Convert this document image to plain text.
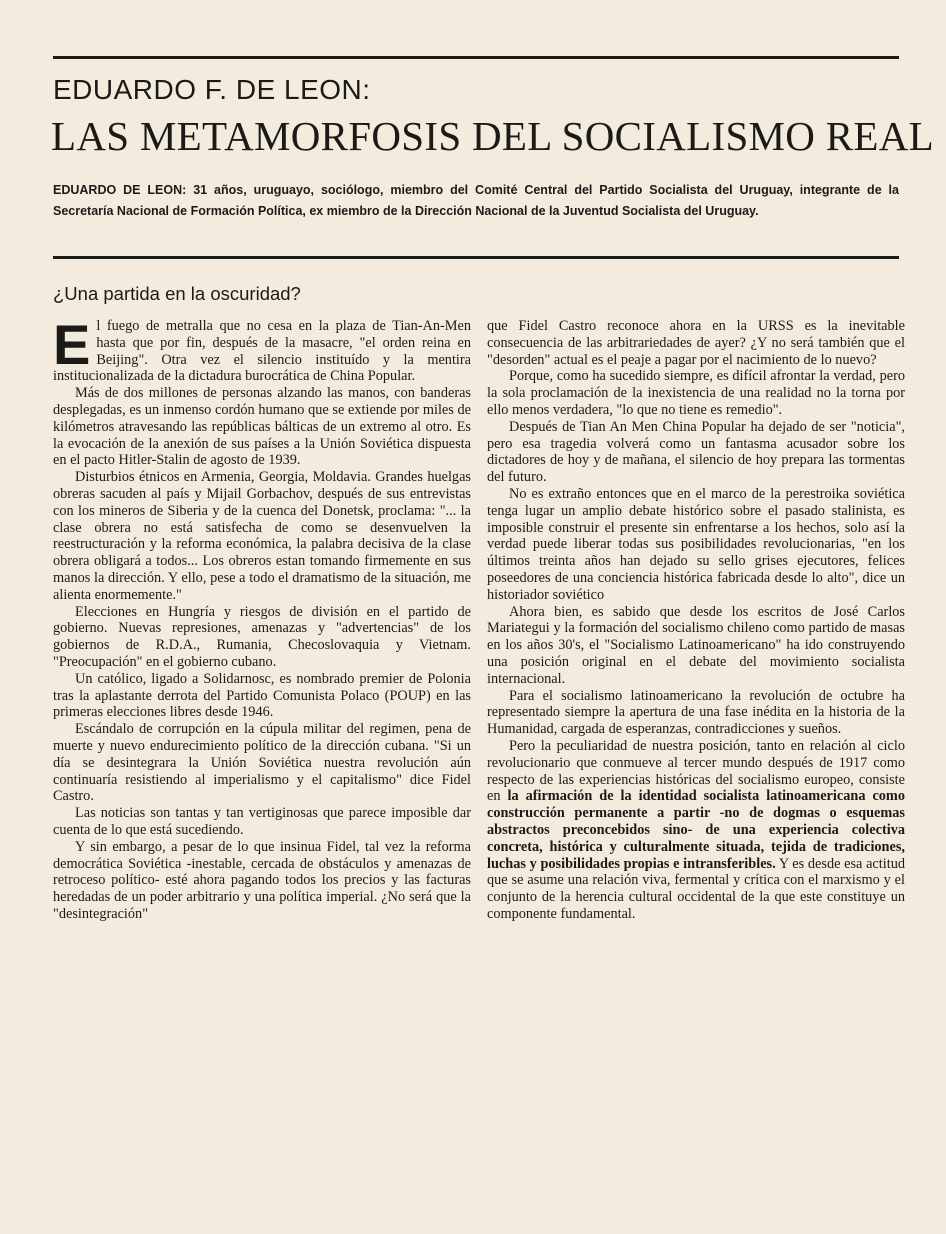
EDUARDO F. DE LEON:
LAS METAMORFOSIS DEL SOCIALISMO REAL

EDUARDO DE LEON: 31 años, uruguayo, sociólogo, miembro del Comité Central del Partido Socialista del Uruguay, integrante de la Secretaría Nacional de Formación Política, ex miembro de la Dirección Nacional de la Juventud Socialista del Uruguay.

¿Una partida en la oscuridad?

El fuego de metralla que no cesa en la plaza de Tian-An-Men hasta que por fin, después de la masacre, "el orden reina en Beijing". Otra vez el silencio instituído y la mentira institucionalizada de la dictadura burocrática de China Popular.

Más de dos millones de personas alzando las manos, con banderas desplegadas, es un inmenso cordón humano que se extiende por miles de kilómetros atravesando las repúblicas bálticas de un extremo al otro. Es la evocación de la anexión de sus países a la Unión Soviética dispuesta en el pacto Hitler-Stalin de agosto de 1939.

Disturbios étnicos en Armenia, Georgia, Moldavia. Grandes huelgas obreras sacuden al país y Mijail Gorbachov, después de sus entrevistas con los mineros de Siberia y de la cuenca del Donetsk, proclama: "... la clase obrera no está satisfecha de como se desenvuelven la reestructuración y la reforma económica, la palabra decisiva de la clase obrera obligará a todos... Los obreros estan tomando firmemente en sus manos la dirección. Y ello, pese a todo el dramatismo de la situación, me alienta enormemente."

Elecciones en Hungría y riesgos de división en el partido de gobierno. Nuevas represiones, amenazas y "advertencias" de los gobiernos de R.D.A., Rumania, Checoslovaquia y Vietnam. "Preocupación" en el gobierno cubano.

Un católico, ligado a Solidarnosc, es nombrado premier de Polonia tras la aplastante derrota del Partido Comunista Polaco (POUP) en las primeras elecciones libres desde 1946.

Escándalo de corrupción en la cúpula militar del regimen, pena de muerte y nuevo endurecimiento político de la dirección cubana. "Si un día se desintegrara la Unión Soviética nuestra revolución aún continuaría resistiendo al imperialismo y el capitalismo" dice Fidel Castro.

Las noticias son tantas y tan vertiginosas que parece imposible dar cuenta de lo que está sucediendo.

Y sin embargo, a pesar de lo que insinua Fidel, tal vez la reforma democrática Soviética -inestable, cercada de obstáculos y amenazas de retroceso político- esté ahora pagando todos los precios y las facturas heredadas de un poder arbitrario y una política imperial. ¿No será que la "desintegración"

que Fidel Castro reconoce ahora en la URSS es la inevitable consecuencia de las arbitrariedades de ayer? ¿Y no será también que el "desorden" actual es el peaje a pagar por el nacimiento de lo nuevo?

Porque, como ha sucedido siempre, es difícil afrontar la verdad, pero la sola proclamación de la inexistencia de una realidad no la torna por ello menos verdadera, "lo que no tiene es remedio".

Después de Tian An Men China Popular ha dejado de ser "noticia", pero esa tragedia volverá como un fantasma acusador sobre los dictadores de hoy y de mañana, el silencio de hoy prepara las tormentas del futuro.

No es extraño entonces que en el marco de la perestroika soviética tenga lugar un amplio debate histórico sobre el pasado stalinista, es imposible construir el presente sin enfrentarse a los hechos, solo así la verdad puede liberar todas sus posibilidades revolucionarias, "en los últimos treinta años han dejado su sello grises ejecutores, felices poseedores de una conciencia histórica fabricada desde lo alto", dice un historiador soviético

Ahora bien, es sabido que desde los escritos de José Carlos Mariategui y la formación del socialismo chileno como partido de masas en los años 30's, el "Socialismo Latinoamericano" ha ido construyendo una posición original en el debate del movimiento socialista internacional.

Para el socialismo latinoamericano la revolución de octubre ha representado siempre la apertura de una fase inédita en la historia de la Humanidad, cargada de esperanzas, contradicciones y sueños.

Pero la peculiaridad de nuestra posición, tanto en relación al ciclo revolucionario que conmueve al tercer mundo después de 1917 como respecto de las experiencias históricas del socialismo europeo, consiste en la afirmación de la identidad socialista latinoamericana como construcción permanente a partir -no de dogmas o esquemas abstractos preconcebidos sino- de una experiencia colectiva concreta, histórica y culturalmente situada, tejida de tradiciones, luchas y posibilidades propias e intransferibles. Y es desde esa actitud que se asume una relación viva, fermental y crítica con el marxismo y el conjunto de la herencia cultural occidental de la que este constituye un componente fundamental.
